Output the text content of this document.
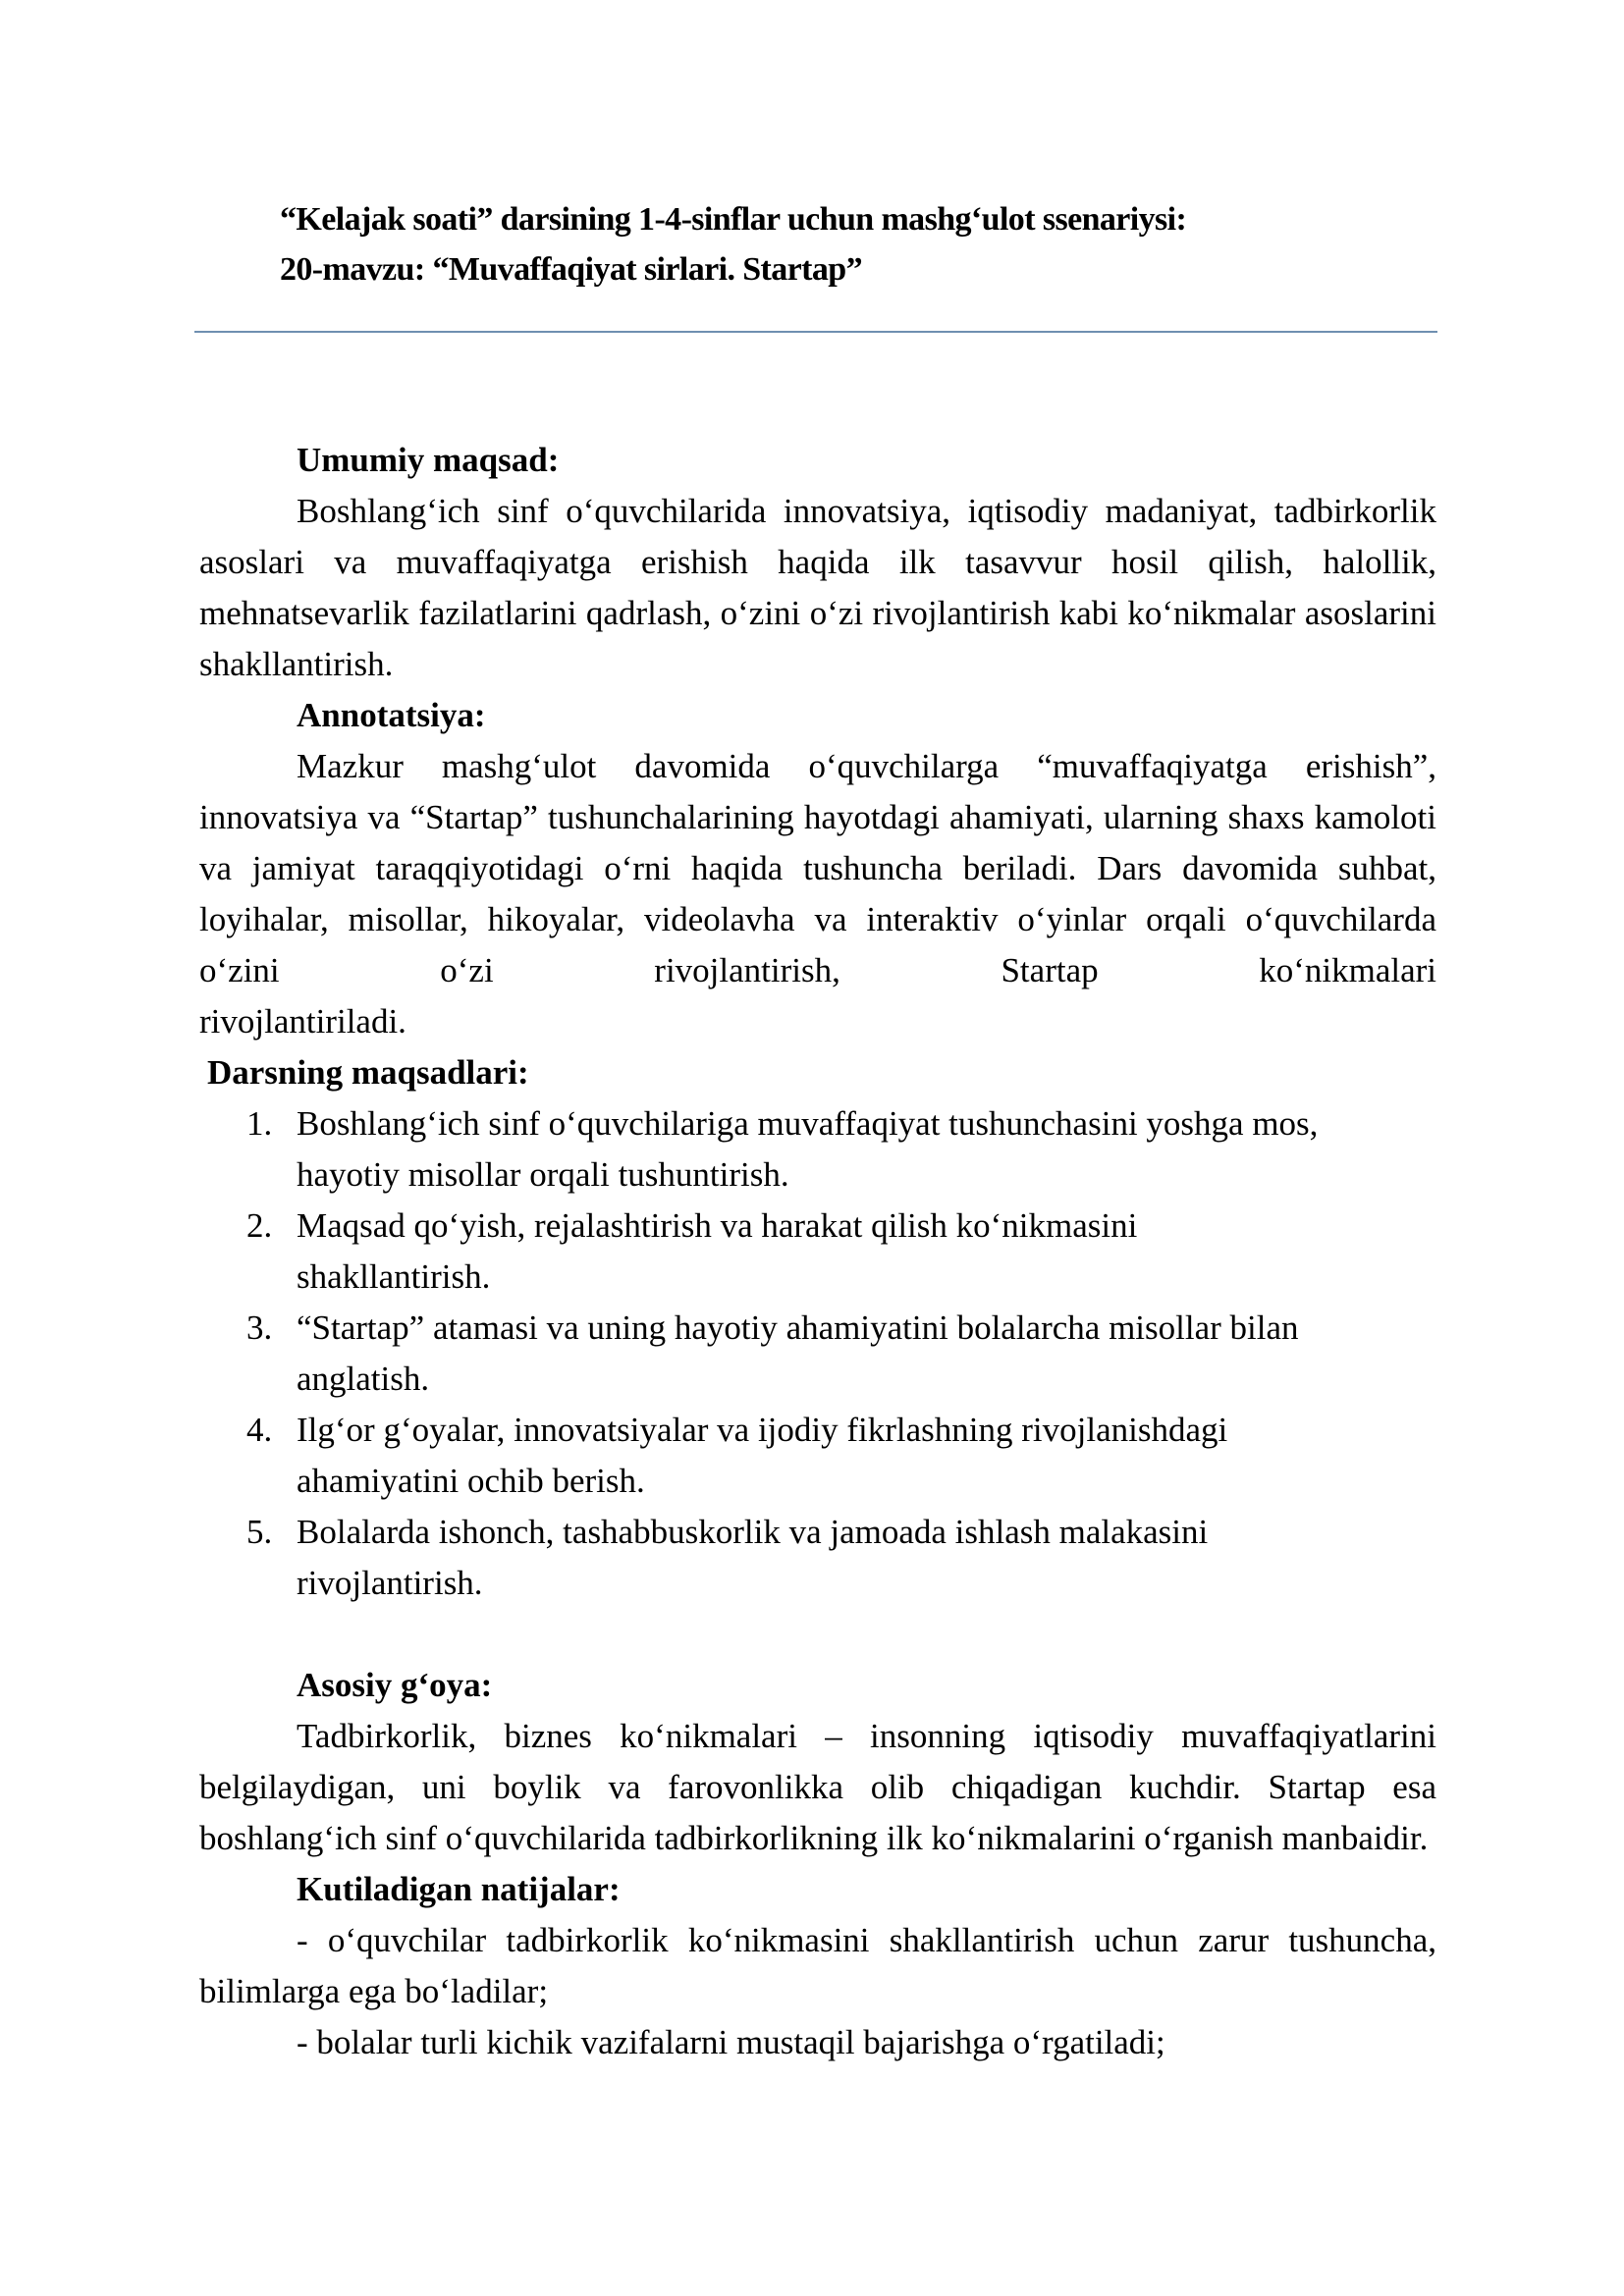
“Kelajak soati” darsining 1-4-sinflar uchun mashg‘ulot ssenariysi:
20-mavzu: “Muvaffaqiyat sirlari. Startap”

Umumiy maqsad:

Boshlang‘ich sinf o‘quvchilarida innovatsiya, iqtisodiy madaniyat, tadbirkorlik asoslari va muvaffaqiyatga erishish haqida ilk tasavvur hosil qilish, halollik, mehnatsevarlik fazilatlarini qadrlash, o‘zini o‘zi rivojlantirish kabi ko‘nikmalar asoslarini shakllantirish.

Annotatsiya:

Mazkur mashg‘ulot davomida o‘quvchilarga “muvaffaqiyatga erishish”, innovatsiya va “Startap” tushunchalarining hayotdagi ahamiyati, ularning shaxs kamoloti va jamiyat taraqqiyotidagi o‘rni haqida tushuncha beriladi. Dars davomida suhbat, loyihalar, misollar, hikoyalar, videolavha va interaktiv o‘yinlar orqali o‘quvchilarda o‘zini o‘zi rivojlantirish, Startap ko‘nikmalari

rivojlantiriladi.

Darsning maqsadlari:

1. Boshlang‘ich sinf o‘quvchilariga muvaffaqiyat tushunchasini yoshga mos, hayotiy misollar orqali tushuntirish.
2. Maqsad qo‘yish, rejalashtirish va harakat qilish ko‘nikmasini shakllantirish.
3. “Startap” atamasi va uning hayotiy ahamiyatini bolalarcha misollar bilan anglatish.
4. Ilg‘or g‘oyalar, innovatsiyalar va ijodiy fikrlashning rivojlanishdagi ahamiyatini ochib berish.
5. Bolalarda ishonch, tashabbuskorlik va jamoada ishlash malakasini rivojlantirish.

Asosiy g‘oya:

Tadbirkorlik, biznes ko‘nikmalari – insonning iqtisodiy muvaffaqiyatlarini belgilaydigan, uni boylik va farovonlikka olib chiqadigan kuchdir. Startap esa boshlang‘ich sinf o‘quvchilarida tadbirkorlikning ilk ko‘nikmalarini o‘rganish manbaidir.

Kutiladigan natijalar:

- o‘quvchilar tadbirkorlik ko‘nikmasini shakllantirish uchun zarur tushuncha, bilimlarga ega bo‘ladilar;

- bolalar turli kichik vazifalarni mustaqil bajarishga o‘rgatiladi;
